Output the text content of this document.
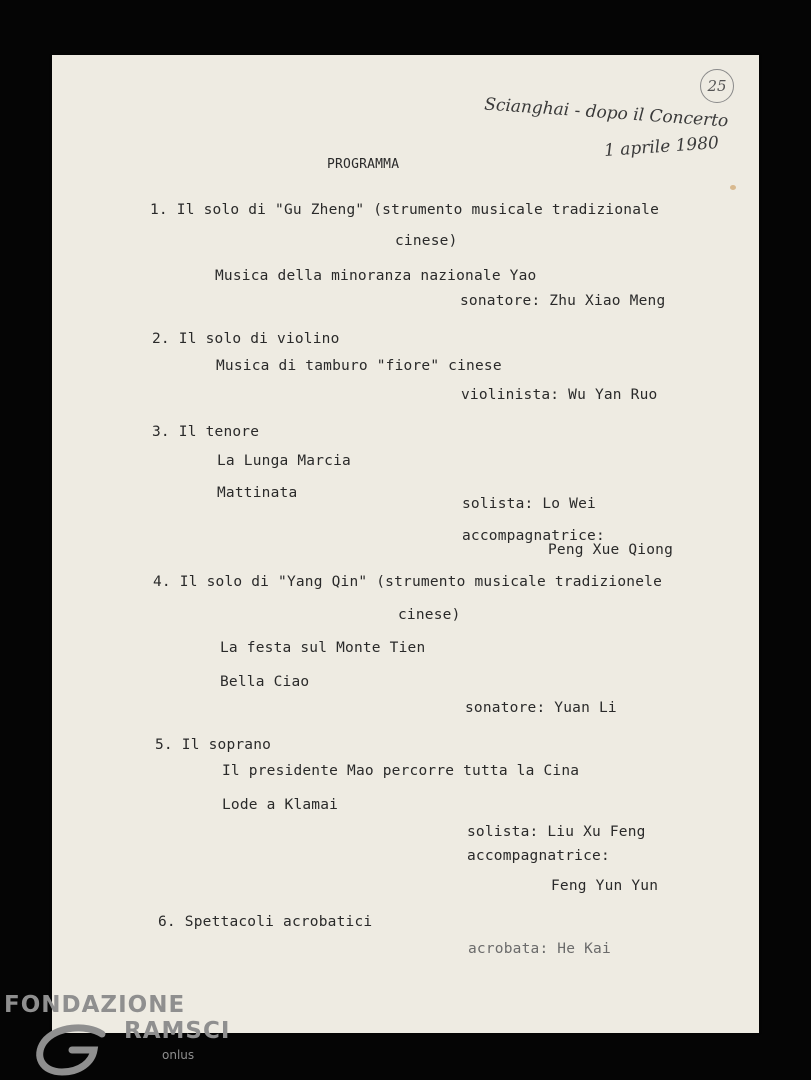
25
Scianghai - dopo il Concerto
1 aprile 1980
PROGRAMMA
1. Il solo di "Gu Zheng" (strumento musicale tradizionale
cinese)
Musica della minoranza nazionale Yao
sonatore: Zhu Xiao Meng
2. Il solo di violino
Musica di tamburo "fiore" cinese
violinista: Wu Yan Ruo
3. Il tenore
La Lunga Marcia
Mattinata
solista: Lo Wei
accompagnatrice:
Peng Xue Qiong
4. Il solo di "Yang Qin" (strumento musicale tradizionele
cinese)
La festa sul Monte Tien
Bella Ciao
sonatore: Yuan Li
5. Il soprano
Il presidente Mao percorre tutta la Cina
Lode a Klamai
solista: Liu Xu Feng
accompagnatrice:
Feng Yun Yun
6. Spettacoli acrobatici
acrobata: He Kai
FONDAZIONE
RAMSCI
onlus
